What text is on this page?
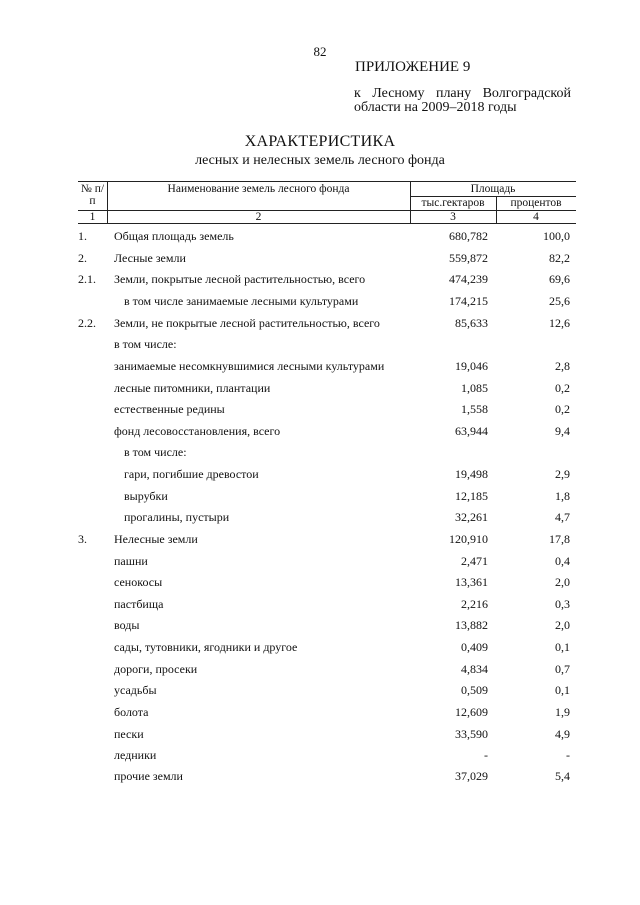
82
ПРИЛОЖЕНИЕ 9
к Лесному плану Волгоградской области на 2009–2018 годы
ХАРАКТЕРИСТИКА
лесных и нелесных земель лесного фонда
№ п/п
Наименование земель лесного фонда	Площадь
тыс.гектаров	процентов
1	2	3	4
1. Общая площадь земель	680,782	100,0
2. Лесные земли	559,872	82,2
2.1. Земли, покрытые лесной растительностью, всего	474,239	69,6
в том числе занимаемые лесными культурами	174,215	25,6
2.2. Земли, не покрытые лесной растительностью, всего	85,633	12,6
в том числе:
занимаемые несомкнувшимися лесными культурами	19,046	2,8
лесные питомники, плантации	1,085	0,2
естественные редины	1,558	0,2
фонд лесовосстановления, всего	63,944	9,4
в том числе:
гари, погибшие древостои	19,498	2,9
вырубки	12,185	1,8
прогалины, пустыри	32,261	4,7
3. Нелесные земли	120,910	17,8
пашни	2,471	0,4
сенокосы	13,361	2,0
пастбища	2,216	0,3
воды	13,882	2,0
сады, тутовники, ягодники и другое	0,409	0,1
дороги, просеки	4,834	0,7
усадьбы	0,509	0,1
болота	12,609	1,9
пески	33,590	4,9
ледники	-	-
прочие земли	37,029	5,4
